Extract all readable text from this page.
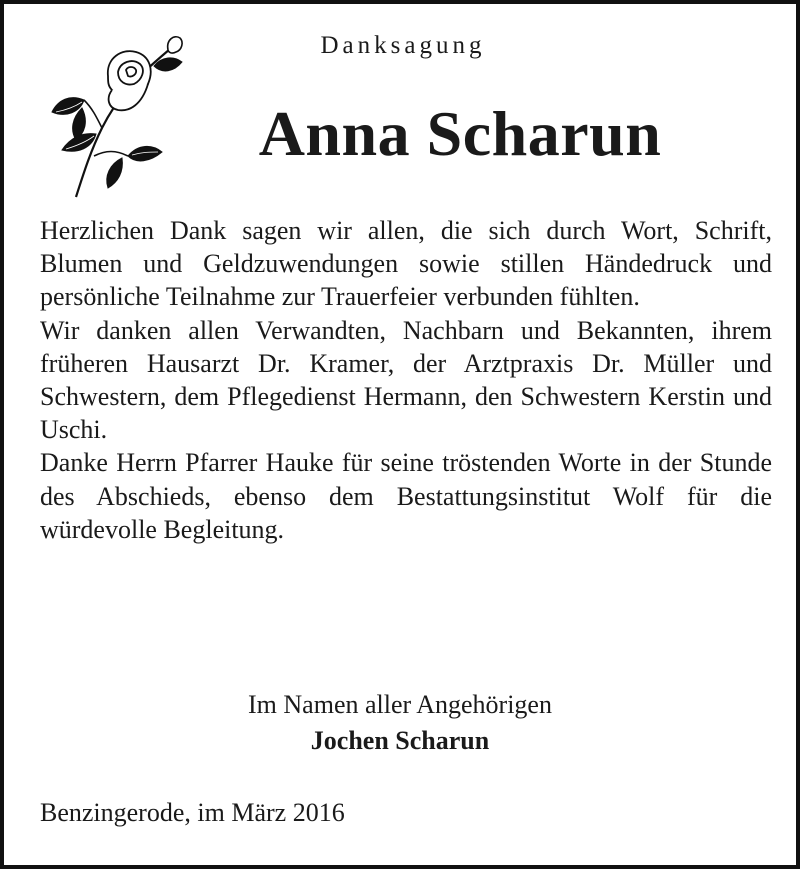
Danksagung
Anna Scharun

Herzlichen Dank sagen wir allen, die sich durch Wort, Schrift, Blumen und Geldzuwendungen sowie stillen Händedruck und persönliche Teilnahme zur Trauerfeier verbunden fühlten.

Wir danken allen Verwandten, Nachbarn und Bekannten, ihrem früheren Hausarzt Dr. Kramer, der Arztpraxis Dr. Müller und Schwestern, dem Pflegedienst Hermann, den Schwestern Kerstin und Uschi.

Danke Herrn Pfarrer Hauke für seine tröstenden Worte in der Stunde des Abschieds, ebenso dem Bestattungsinstitut Wolf für die würdevolle Begleitung.

Im Namen aller Angehörigen
Jochen Scharun
Benzingerode, im März 2016
